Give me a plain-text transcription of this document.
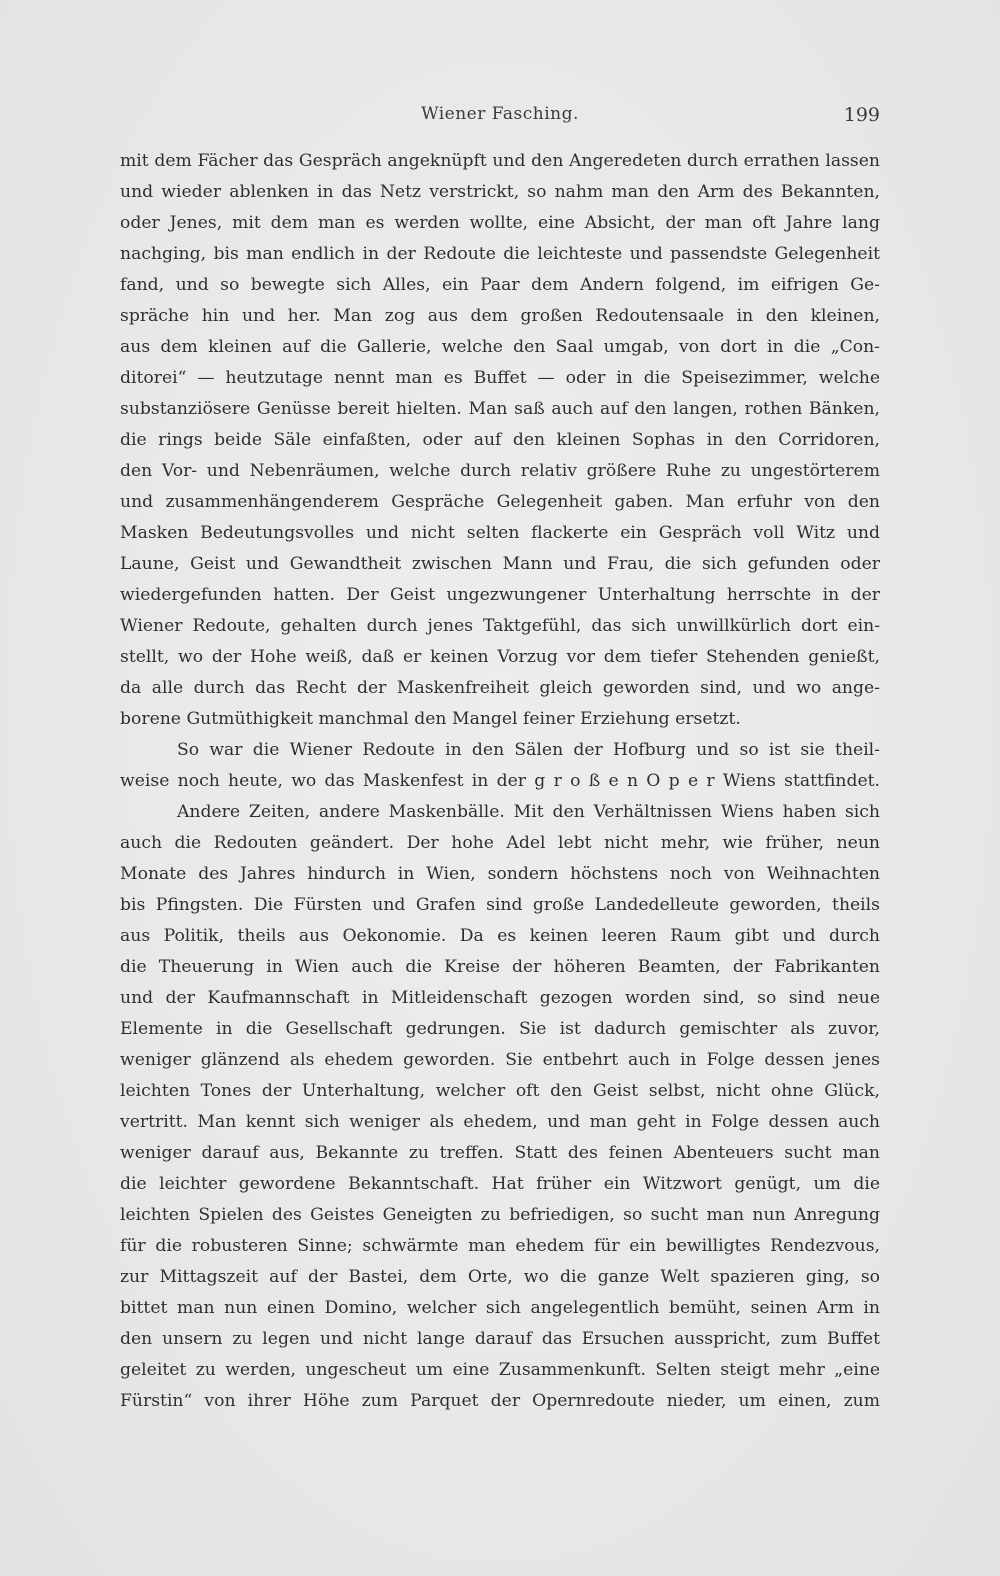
Wiener Fasching.	199
mit dem Fächer das Gespräch angeknüpft und den Angeredeten durch errathen lassen
und wieder ablenken in das Netz verstrickt, so nahm man den Arm des Bekannten,
oder Jenes, mit dem man es werden wollte, eine Absicht, der man oft Jahre lang
nachging, bis man endlich in der Redoute die leichteste und passendste Gelegenheit
fand, und so bewegte sich Alles, ein Paar dem Andern folgend, im eifrigen Ge-
spräche hin und her. Man zog aus dem großen Redoutensaale in den kleinen,
aus dem kleinen auf die Gallerie, welche den Saal umgab, von dort in die „Con-
ditorei“ — heutzutage nennt man es Buffet — oder in die Speisezimmer, welche
substanziösere Genüsse bereit hielten. Man saß auch auf den langen, rothen Bänken,
die rings beide Säle einfaßten, oder auf den kleinen Sophas in den Corridoren,
den Vor- und Nebenräumen, welche durch relativ größere Ruhe zu ungestörterem
und zusammenhängenderem Gespräche Gelegenheit gaben. Man erfuhr von den
Masken Bedeutungsvolles und nicht selten flackerte ein Gespräch voll Witz und
Laune, Geist und Gewandtheit zwischen Mann und Frau, die sich gefunden oder
wiedergefunden hatten. Der Geist ungezwungener Unterhaltung herrschte in der
Wiener Redoute, gehalten durch jenes Taktgefühl, das sich unwillkürlich dort ein-
stellt, wo der Hohe weiß, daß er keinen Vorzug vor dem tiefer Stehenden genießt,
da alle durch das Recht der Maskenfreiheit gleich geworden sind, und wo ange-
borene Gutmüthigkeit manchmal den Mangel feiner Erziehung ersetzt.
So war die Wiener Redoute in den Sälen der Hofburg und so ist sie theil-
weise noch heute, wo das Maskenfest in der g r o ß e n O p e r Wiens stattfindet.
Andere Zeiten, andere Maskenbälle. Mit den Verhältnissen Wiens haben sich
auch die Redouten geändert. Der hohe Adel lebt nicht mehr, wie früher, neun
Monate des Jahres hindurch in Wien, sondern höchstens noch von Weihnachten
bis Pfingsten. Die Fürsten und Grafen sind große Landedelleute geworden, theils
aus Politik, theils aus Oekonomie. Da es keinen leeren Raum gibt und durch
die Theuerung in Wien auch die Kreise der höheren Beamten, der Fabrikanten
und der Kaufmannschaft in Mitleidenschaft gezogen worden sind, so sind neue
Elemente in die Gesellschaft gedrungen. Sie ist dadurch gemischter als zuvor,
weniger glänzend als ehedem geworden. Sie entbehrt auch in Folge dessen jenes
leichten Tones der Unterhaltung, welcher oft den Geist selbst, nicht ohne Glück,
vertritt. Man kennt sich weniger als ehedem, und man geht in Folge dessen auch
weniger darauf aus, Bekannte zu treffen. Statt des feinen Abenteuers sucht man
die leichter gewordene Bekanntschaft. Hat früher ein Witzwort genügt, um die
leichten Spielen des Geistes Geneigten zu befriedigen, so sucht man nun Anregung
für die robusteren Sinne; schwärmte man ehedem für ein bewilligtes Rendezvous,
zur Mittagszeit auf der Bastei, dem Orte, wo die ganze Welt spazieren ging, so
bittet man nun einen Domino, welcher sich angelegentlich bemüht, seinen Arm in
den unsern zu legen und nicht lange darauf das Ersuchen ausspricht, zum Buffet
geleitet zu werden, ungescheut um eine Zusammenkunft. Selten steigt mehr „eine
Fürstin“ von ihrer Höhe zum Parquet der Opernredoute nieder, um einen, zum
